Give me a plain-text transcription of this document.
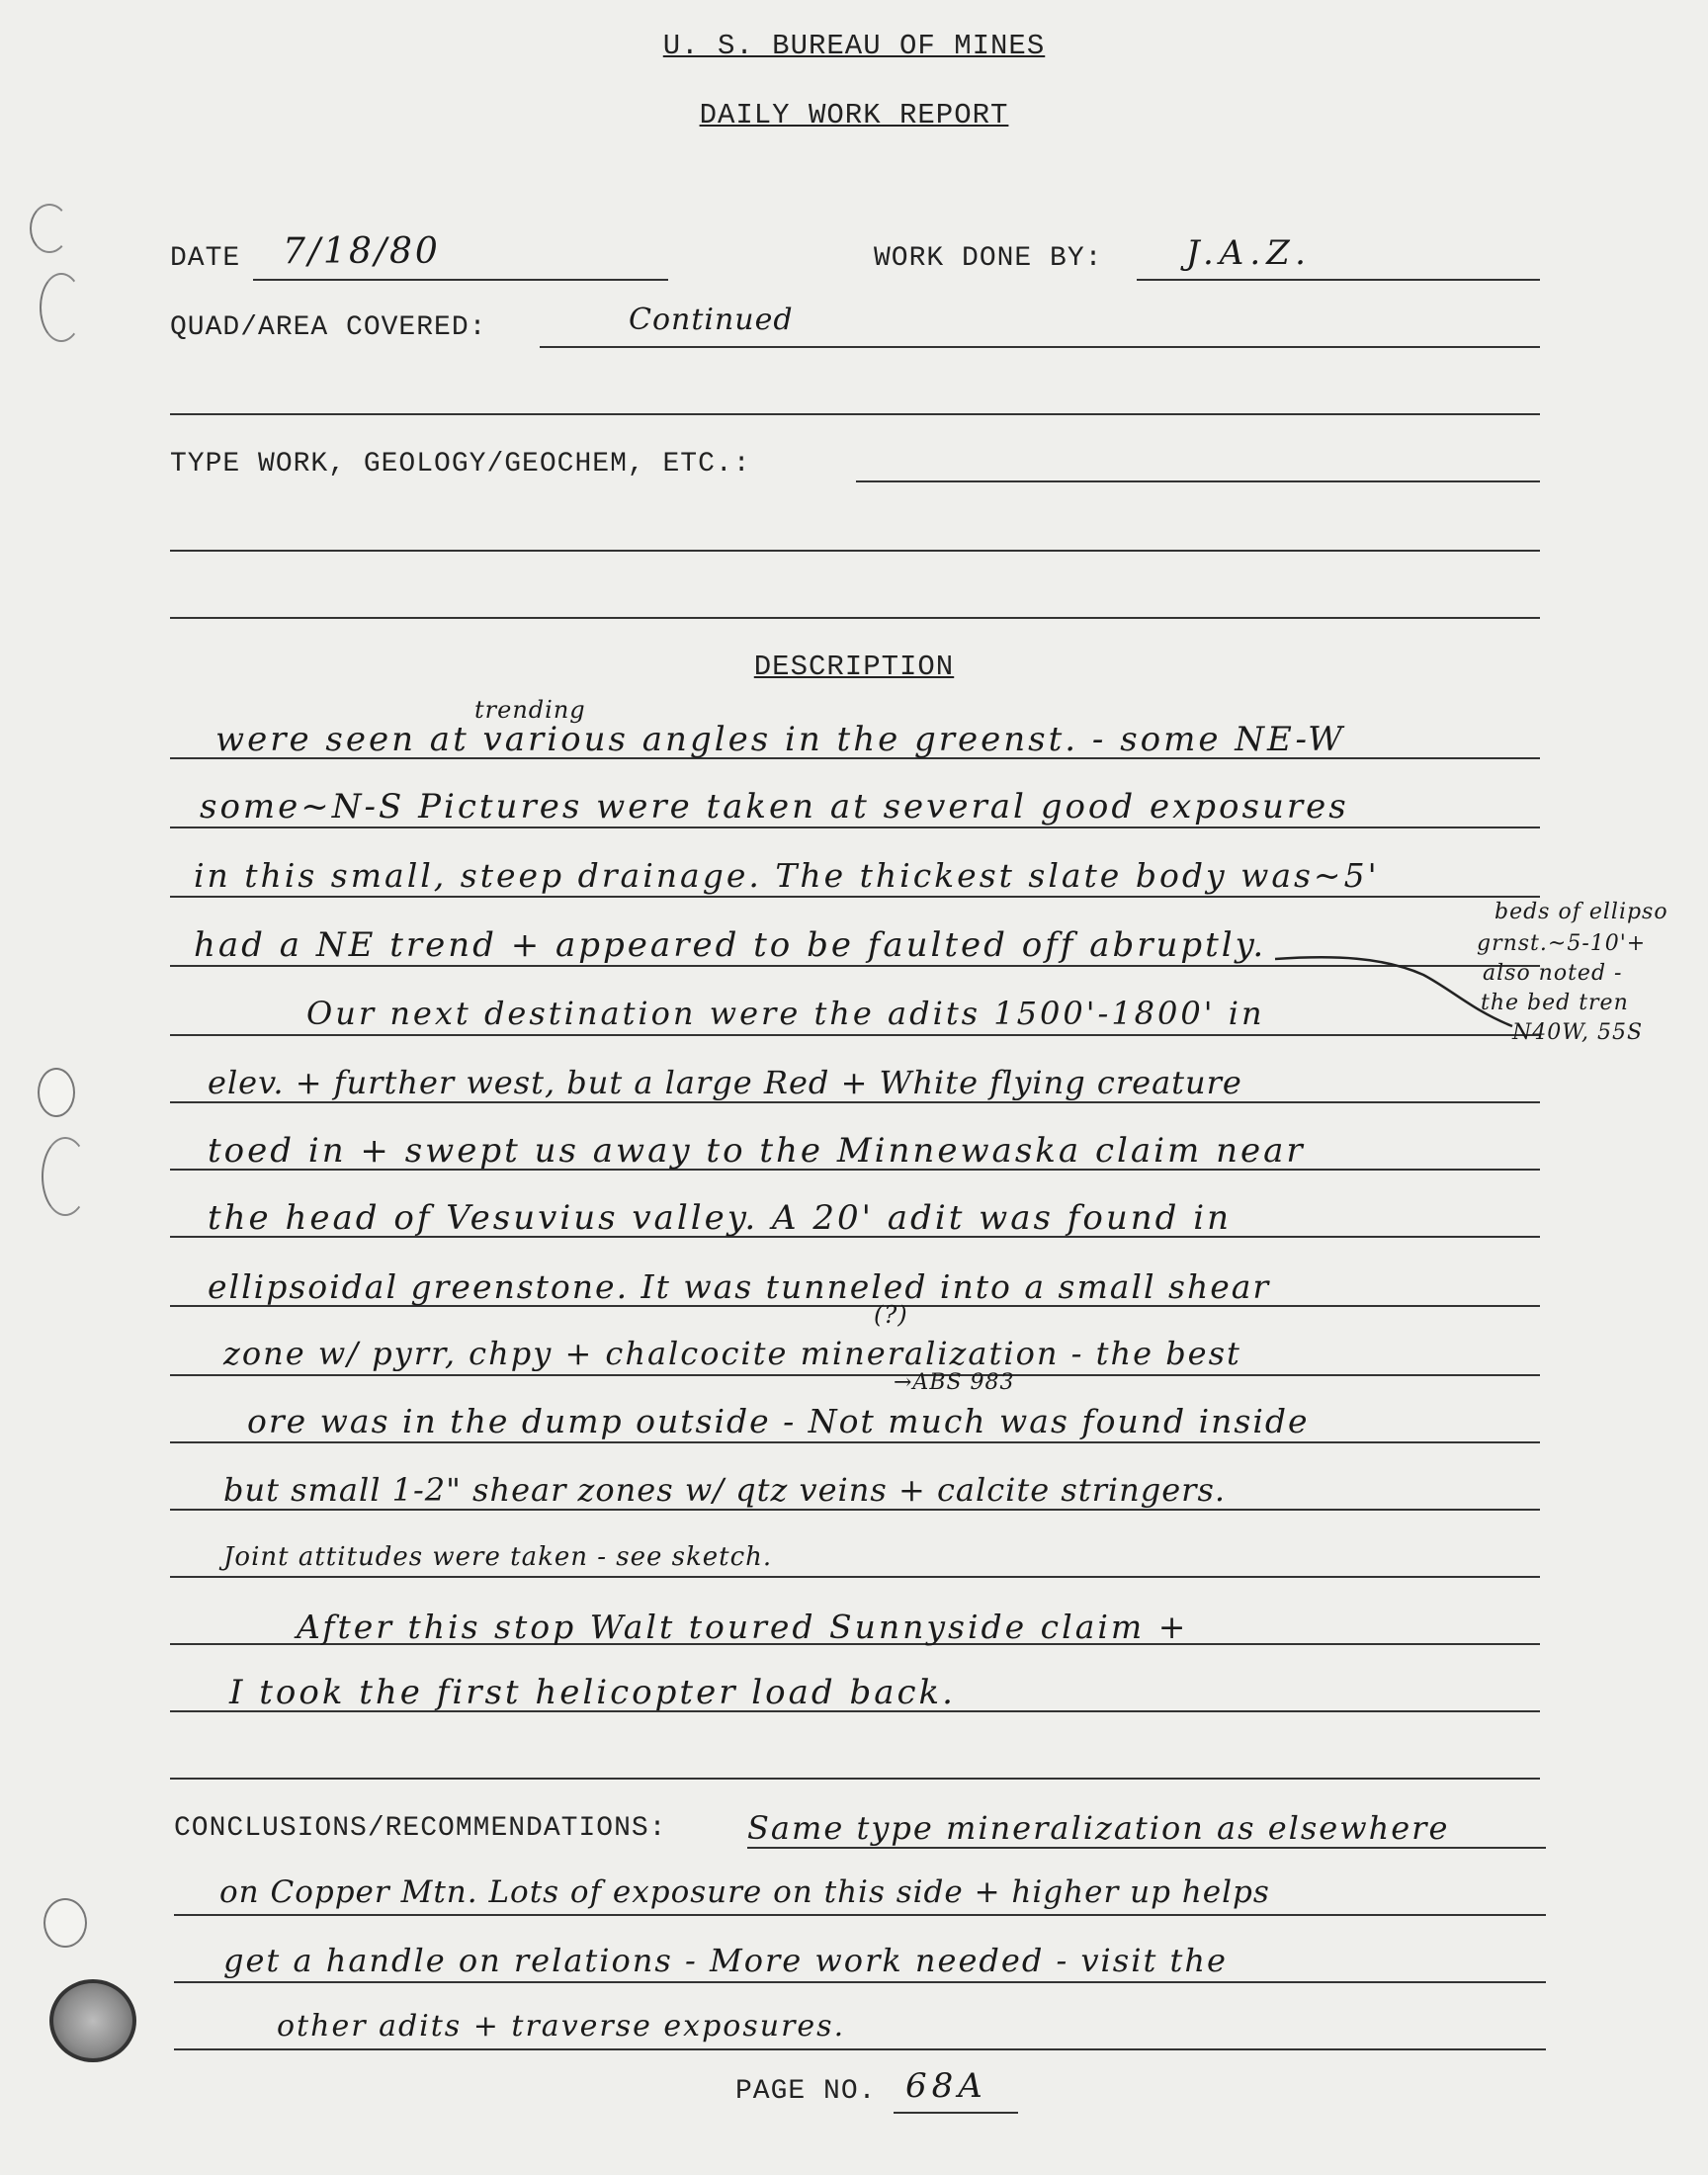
U. S. BUREAU OF MINES
DAILY WORK REPORT
DATE 7/18/80	WORK DONE BY: J.A.Z.
QUAD/AREA COVERED:	Continued
TYPE WORK, GEOLOGY/GEOCHEM, ETC.:
DESCRIPTION
trending
were seen at various angles in the greenst. - some NE-W
some~N-S Pictures were taken at several good exposures
in this small, steep drainage. The thickest slate body was~5'
had a NE trend + appeared to be faulted off abruptly.
Our next destination were the adits 1500'-1800' in
elev. + further west, but a large Red + White flying creature
toed in + swept us away to the Minnewaska claim near
the head of Vesuvius valley. A 20' adit was found in
ellipsoidal greenstone. It was tunneled into a small shear
(?)
zone w/ pyrr, chpy + chalcocite mineralization - the best
→ABS 983
ore was in the dump outside - Not much was found inside
but small 1-2" shear zones w/ qtz veins + calcite stringers.
Joint attitudes were taken - see sketch.
After this stop Walt toured Sunnyside claim +
I took the first helicopter load back.
beds of ellipso
grnst.~5-10'+
also noted -
the bed tren
N40W, 55S
CONCLUSIONS/RECOMMENDATIONS:	Same type mineralization as elsewhere
on Copper Mtn. Lots of exposure on this side + higher up helps
get a handle on relations - More work needed - visit the
other adits + traverse exposures.
PAGE NO. 68A
